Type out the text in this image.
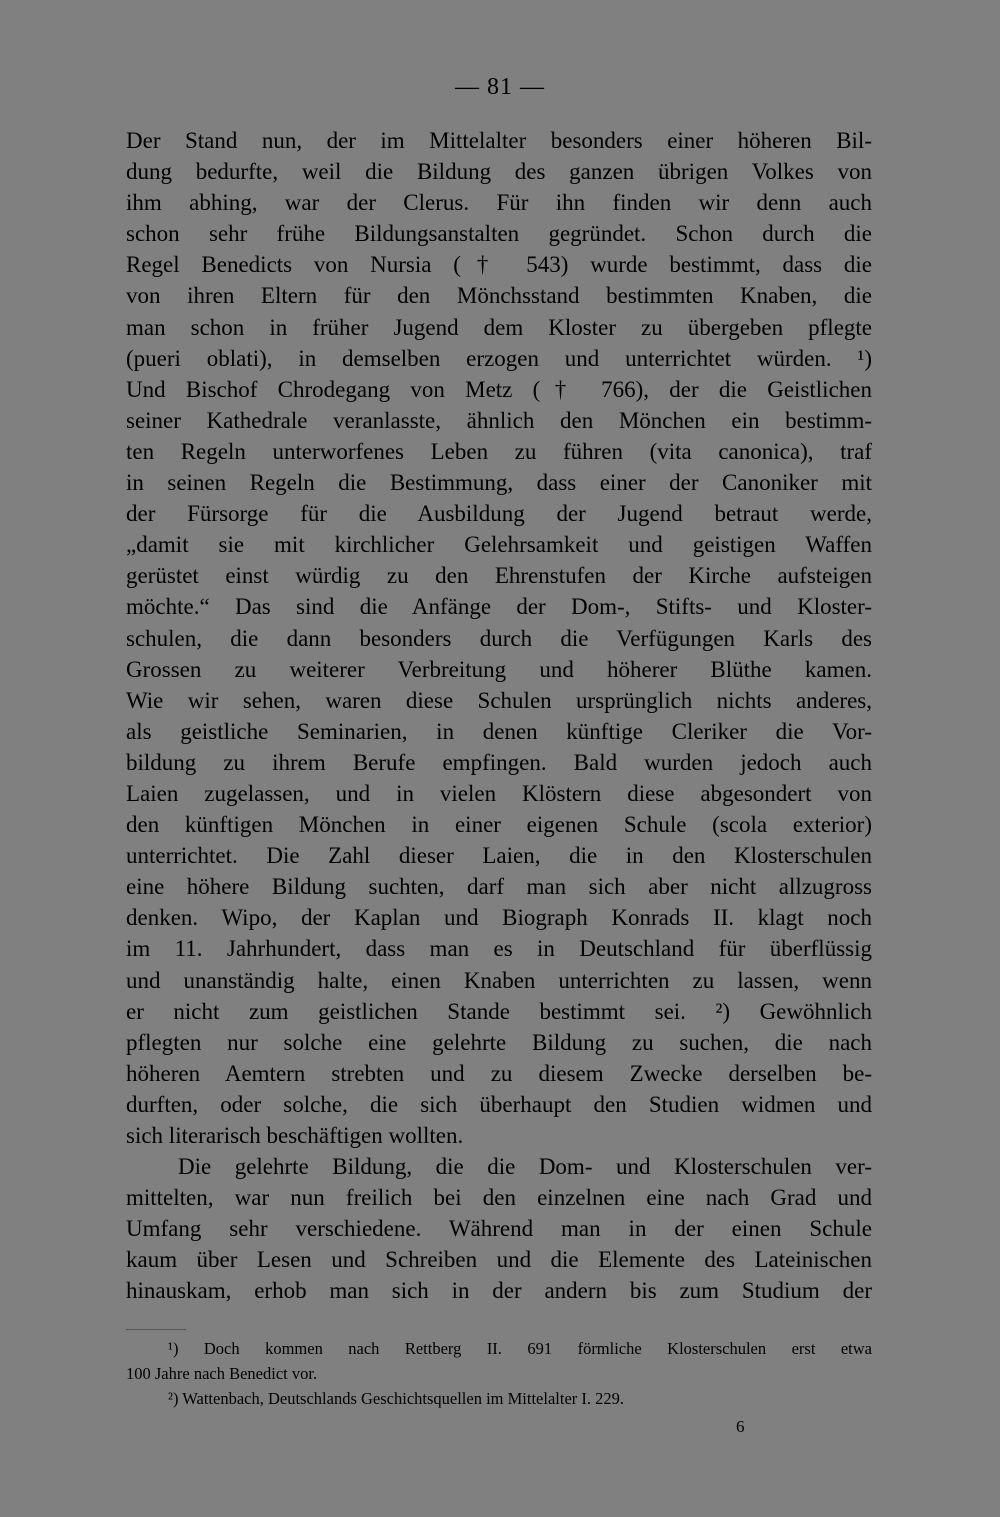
— 81 —
Der Stand nun, der im Mittelalter besonders einer höheren Bil-
dung bedurfte, weil die Bildung des ganzen übrigen Volkes von
ihm abhing, war der Clerus. Für ihn finden wir denn auch
schon sehr frühe Bildungsanstalten gegründet. Schon durch die
Regel Benedicts von Nursia († 543) wurde bestimmt, dass die
von ihren Eltern für den Mönchsstand bestimmten Knaben, die
man schon in früher Jugend dem Kloster zu übergeben pflegte
(pueri oblati), in demselben erzogen und unterrichtet würden. ¹)
Und Bischof Chrodegang von Metz († 766), der die Geistlichen
seiner Kathedrale veranlasste, ähnlich den Mönchen ein bestimm-
ten Regeln unterworfenes Leben zu führen (vita canonica), traf
in seinen Regeln die Bestimmung, dass einer der Canoniker mit
der Fürsorge für die Ausbildung der Jugend betraut werde,
„damit sie mit kirchlicher Gelehrsamkeit und geistigen Waffen
gerüstet einst würdig zu den Ehrenstufen der Kirche aufsteigen
möchte.“ Das sind die Anfänge der Dom-, Stifts- und Kloster-
schulen, die dann besonders durch die Verfügungen Karls des
Grossen zu weiterer Verbreitung und höherer Blüthe kamen.
Wie wir sehen, waren diese Schulen ursprünglich nichts anderes,
als geistliche Seminarien, in denen künftige Cleriker die Vor-
bildung zu ihrem Berufe empfingen. Bald wurden jedoch auch
Laien zugelassen, und in vielen Klöstern diese abgesondert von
den künftigen Mönchen in einer eigenen Schule (scola exterior)
unterrichtet. Die Zahl dieser Laien, die in den Klosterschulen
eine höhere Bildung suchten, darf man sich aber nicht allzugross
denken. Wipo, der Kaplan und Biograph Konrads II. klagt noch
im 11. Jahrhundert, dass man es in Deutschland für überflüssig
und unanständig halte, einen Knaben unterrichten zu lassen, wenn
er nicht zum geistlichen Stande bestimmt sei. ²) Gewöhnlich
pflegten nur solche eine gelehrte Bildung zu suchen, die nach
höheren Aemtern strebten und zu diesem Zwecke derselben be-
durften, oder solche, die sich überhaupt den Studien widmen und
sich literarisch beschäftigen wollten.
Die gelehrte Bildung, die die Dom- und Klosterschulen ver-
mittelten, war nun freilich bei den einzelnen eine nach Grad und
Umfang sehr verschiedene. Während man in der einen Schule
kaum über Lesen und Schreiben und die Elemente des Lateinischen
hinauskam, erhob man sich in der andern bis zum Studium der
¹) Doch kommen nach Rettberg II. 691 förmliche Klosterschulen erst etwa
100 Jahre nach Benedict vor.
²) Wattenbach, Deutschlands Geschichtsquellen im Mittelalter I. 229.
6
